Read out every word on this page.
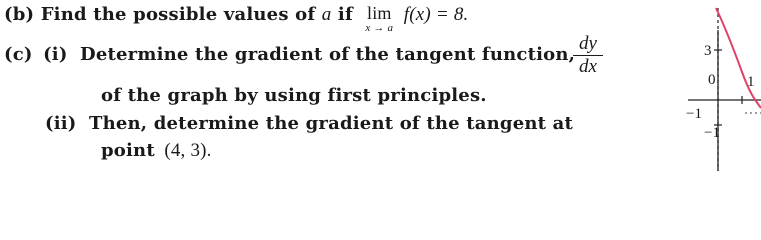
(b) Find the possible values of a if lim
x → a
f(x) = 8.
(c) (i) Determine the gradient of the tangent function,
dy
dx
of the graph by using first principles.
(ii) Then, determine the gradient of the tangent at
point (4, 3).
3
0 1
−1
−1
